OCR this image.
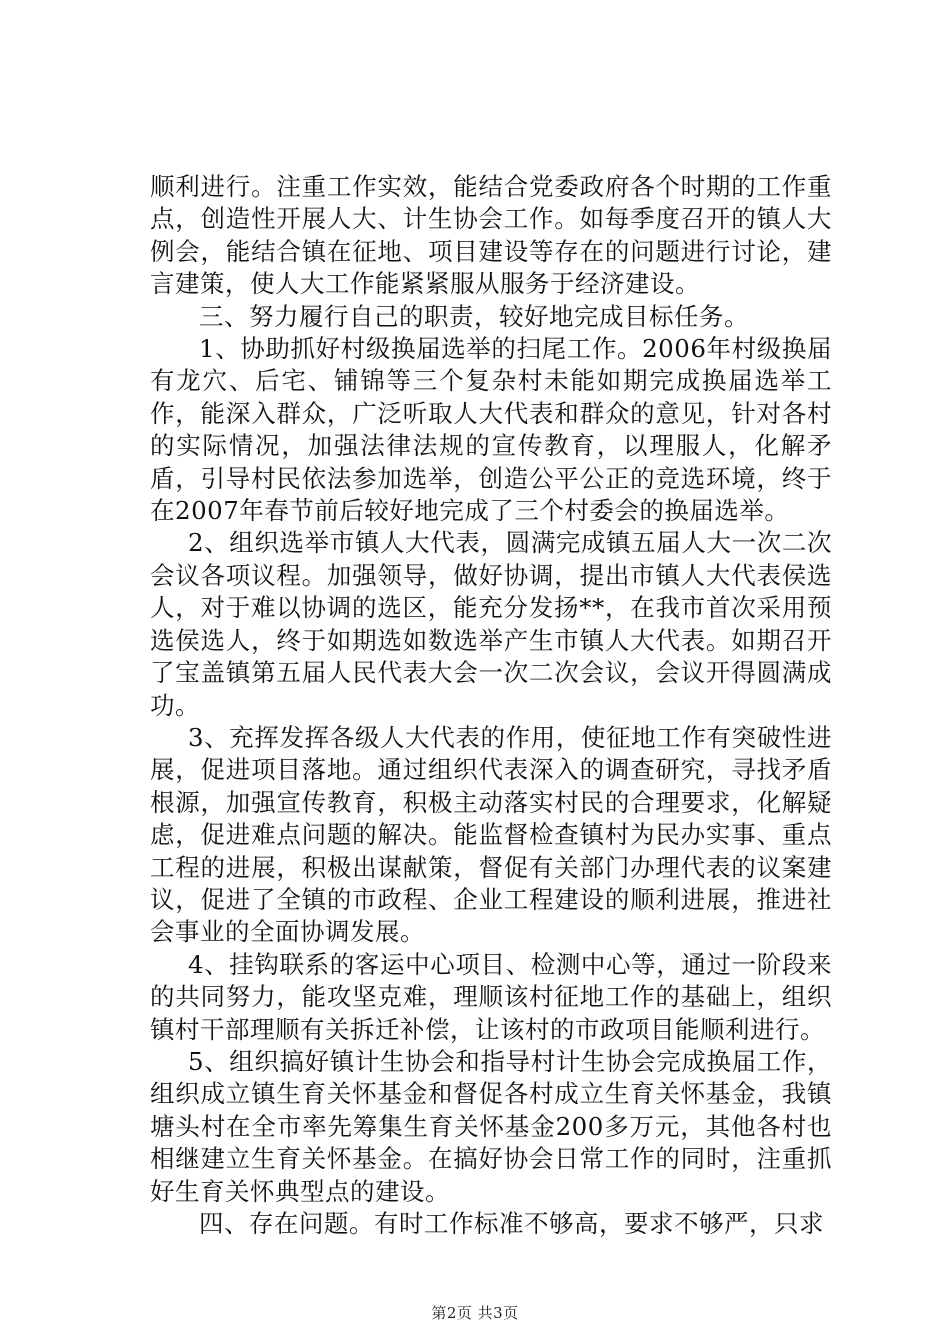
顺利进行。注重工作实效，能结合党委政府各个时期的工作重点，创造性开展人大、计生协会工作。如每季度召开的镇人大例会，能结合镇在征地、项目建设等存在的问题进行讨论，建言建策，使人大工作能紧紧服从服务于经济建设。

三、努力履行自己的职责，较好地完成目标任务。

1、协助抓好村级换届选举的扫尾工作。2006年村级换届有龙穴、后宅、铺锦等三个复杂村未能如期完成换届选举工作，能深入群众，广泛听取人大代表和群众的意见，针对各村的实际情况，加强法律法规的宣传教育，以理服人，化解矛盾，引导村民依法参加选举，创造公平公正的竞选环境，终于在2007年春节前后较好地完成了三个村委会的换届选举。

2、组织选举市镇人大代表，圆满完成镇五届人大一次二次会议各项议程。加强领导，做好协调，提出市镇人大代表侯选人，对于难以协调的选区，能充分发扬**，在我市首次采用预选侯选人，终于如期选如数选举产生市镇人大代表。如期召开了宝盖镇第五届人民代表大会一次二次会议，会议开得圆满成功。

3、充挥发挥各级人大代表的作用，使征地工作有突破性进展，促进项目落地。通过组织代表深入的调查研究，寻找矛盾根源，加强宣传教育，积极主动落实村民的合理要求，化解疑虑，促进难点问题的解决。能监督检查镇村为民办实事、重点工程的进展，积极出谋献策，督促有关部门办理代表的议案建议，促进了全镇的市政程、企业工程建设的顺利进展，推进社会事业的全面协调发展。

4、挂钩联系的客运中心项目、检测中心等，通过一阶段来的共同努力，能攻坚克难，理顺该村征地工作的基础上，组织镇村干部理顺有关拆迁补偿，让该村的市政项目能顺利进行。

5、组织搞好镇计生协会和指导村计生协会完成换届工作，组织成立镇生育关怀基金和督促各村成立生育关怀基金，我镇塘头村在全市率先筹集生育关怀基金200多万元，其他各村也相继建立生育关怀基金。在搞好协会日常工作的同时，注重抓好生育关怀典型点的建设。

四、存在问题。有时工作标准不够高，要求不够严，只求

第2页 共3页
